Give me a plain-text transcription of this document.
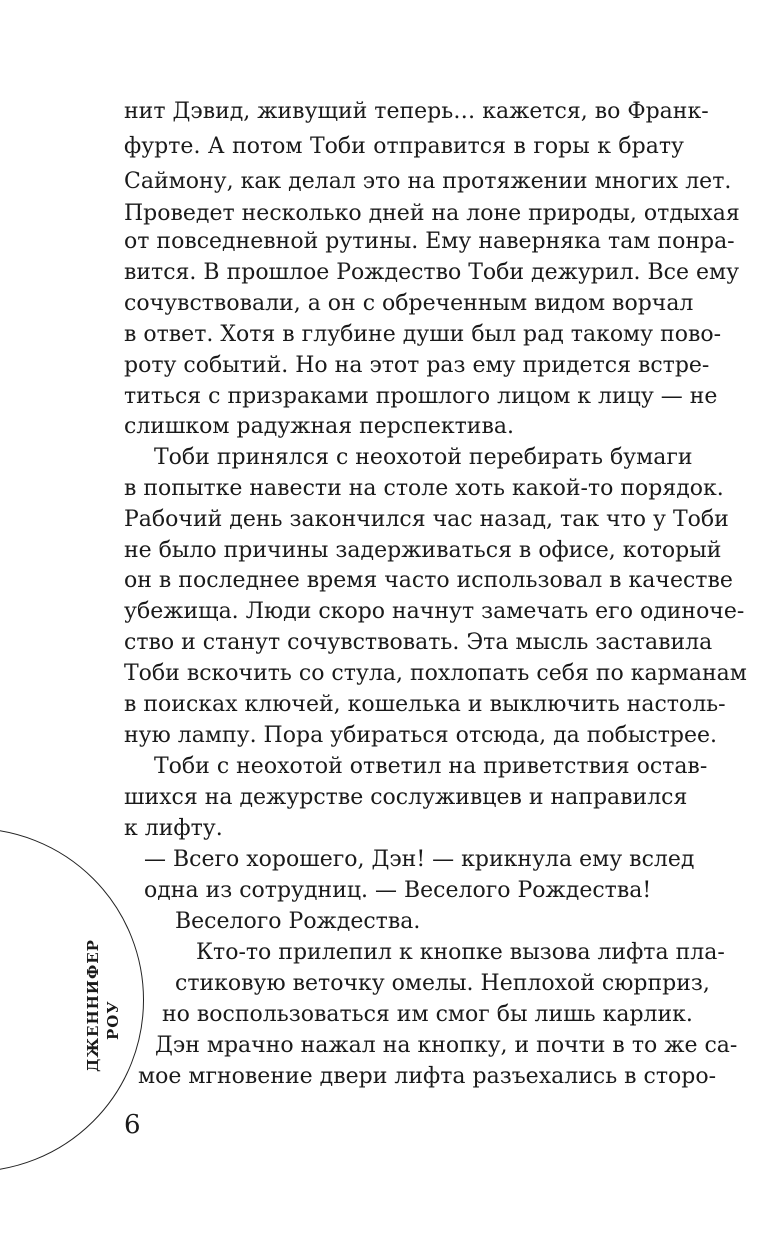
нит Дэвид, живущий теперь… кажется, во Франк-
фурте. А потом Тоби отправится в горы к брату
Саймону, как делал это на протяжении многих лет.
Проведет несколько дней на лоне природы, отдыхая
от повседневной рутины. Ему наверняка там понра-
вится. В прошлое Рождество Тоби дежурил. Все ему
сочувствовали, а он с обреченным видом ворчал
в ответ. Хотя в глубине души был рад такому пово-
роту событий. Но на этот раз ему придется встре-
титься с призраками прошлого лицом к лицу — не
слишком радужная перспектива.
Тоби принялся с неохотой перебирать бумаги
в попытке навести на столе хоть какой-то порядок.
Рабочий день закончился час назад, так что у Тоби
не было причины задерживаться в офисе, который
он в последнее время часто использовал в качестве
убежища. Люди скоро начнут замечать его одиноче-
ство и станут сочувствовать. Эта мысль заставила
Тоби вскочить со стула, похлопать себя по карманам
в поисках ключей, кошелька и выключить настоль-
ную лампу. Пора убираться отсюда, да побыстрее.
Тоби с неохотой ответил на приветствия остав-
шихся на дежурстве сослуживцев и направился
к лифту.
— Всего хорошего, Дэн! — крикнула ему вслед
одна из сотрудниц. — Веселого Рождества!
Веселого Рождества.
Кто-то прилепил к кнопке вызова лифта пла-
стиковую веточку омелы. Неплохой сюрприз,
но воспользоваться им смог бы лишь карлик.
Дэн мрачно нажал на кнопку, и почти в то же са-
мое мгновение двери лифта разъехались в сторо-
ДЖЕННИФЕР РОУ
6
